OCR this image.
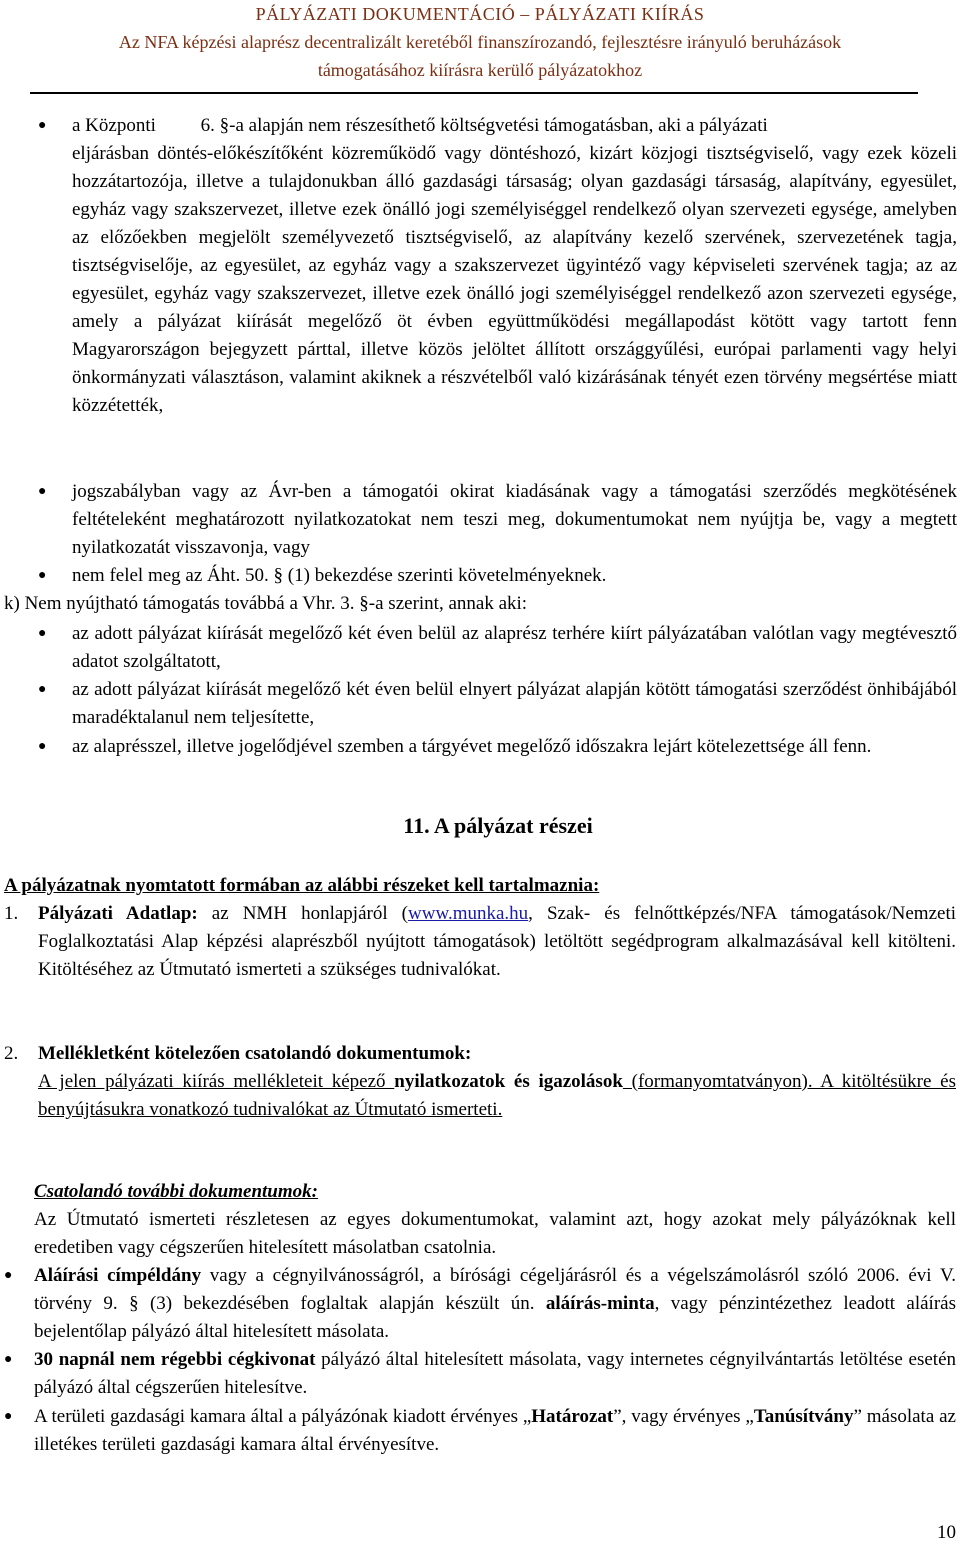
PÁLYÁZATI DOKUMENTÁCIÓ – PÁLYÁZATI KIÍRÁS
Az NFA képzési alaprész decentralizált keretéből finanszírozandó, fejlesztésre irányuló beruházások
támogatásához kiírásra kerülő pályázatokhoz
● a Központi 6. §-a alapján nem részesíthető költségvetési támogatásban, aki a pályázati
eljárásban döntés-előkészítőként közreműködő vagy döntéshozó, kizárt közjogi tisztségviselő, vagy ezek közeli hozzátartozója, illetve a tulajdonukban álló gazdasági társaság; olyan gazdasági társaság, alapítvány, egyesület, egyház vagy szakszervezet, illetve ezek önálló jogi személyiséggel rendelkező olyan szervezeti egysége, amelyben az előzőekben megjelölt személyvezető tisztségviselő, az alapítvány kezelő szervének, szervezetének tagja, tisztségviselője, az egyesület, az egyház vagy a szakszervezet ügyintéző vagy képviseleti szervének tagja; az az egyesület, egyház vagy szakszervezet, illetve ezek önálló jogi személyiséggel rendelkező azon szervezeti egysége, amely a pályázat kiírását megelőző öt évben együttműködési megállapodást kötött vagy tartott fenn Magyarországon bejegyzett párttal, illetve közös jelöltet állított országgyűlési, európai parlamenti vagy helyi önkormányzati választáson, valamint akiknek a részvételből való kizárásának tényét ezen törvény megsértése miatt közzétették,
● jogszabályban vagy az Ávr-ben a támogatói okirat kiadásának vagy a támogatási szerződés megkötésének feltételeként meghatározott nyilatkozatokat nem teszi meg, dokumentumokat nem nyújtja be, vagy a megtett nyilatkozatát visszavonja, vagy
● nem felel meg az Áht. 50. § (1) bekezdése szerinti követelményeknek.
k) Nem nyújtható támogatás továbbá a Vhr. 3. §-a szerint, annak aki:
● az adott pályázat kiírását megelőző két éven belül az alaprész terhére kiírt pályázatában valótlan vagy megtévesztő adatot szolgáltatott,
● az adott pályázat kiírását megelőző két éven belül elnyert pályázat alapján kötött támogatási szerződést önhibájából maradéktalanul nem teljesítette,
● az alaprésszel, illetve jogelődjével szemben a tárgyévet megelőző időszakra lejárt kötelezettsége áll fenn.
11. A pályázat részei
A pályázatnak nyomtatott formában az alábbi részeket kell tartalmaznia:
1.	Pályázati Adatlap: az NMH honlapjáról (www.munka.hu, Szak- és felnőttképzés/NFA támogatások/Nemzeti Foglalkoztatási Alap képzési alaprészből nyújtott támogatások) letöltött segédprogram alkalmazásával kell kitölteni. Kitöltéséhez az Útmutató ismerteti a szükséges tudnivalókat.
2.	Mellékletként kötelezően csatolandó dokumentumok:
A jelen pályázati kiírás mellékleteit képező nyilatkozatok és igazolások (formanyomtatványon). A kitöltésükre és benyújtásukra vonatkozó tudnivalókat az Útmutató ismerteti.
Csatolandó további dokumentumok:
Az Útmutató ismerteti részletesen az egyes dokumentumokat, valamint azt, hogy azokat mely pályázóknak kell eredetiben vagy cégszerűen hitelesített másolatban csatolnia.
● Aláírási címpéldány vagy a cégnyilvánosságról, a bírósági cégeljárásról és a végelszámolásról szóló 2006. évi V. törvény 9. § (3) bekezdésében foglaltak alapján készült ún. aláírás-minta, vagy pénzintézethez leadott aláírás bejelentőlap pályázó által hitelesített másolata.
● 30 napnál nem régebbi cégkivonat pályázó által hitelesített másolata, vagy internetes cégnyilvántartás letöltése esetén pályázó által cégszerűen hitelesítve.
● A területi gazdasági kamara által a pályázónak kiadott érvényes „Határozat”, vagy érvényes „Tanúsítvány” másolata az illetékes területi gazdasági kamara által érvényesítve.
10
